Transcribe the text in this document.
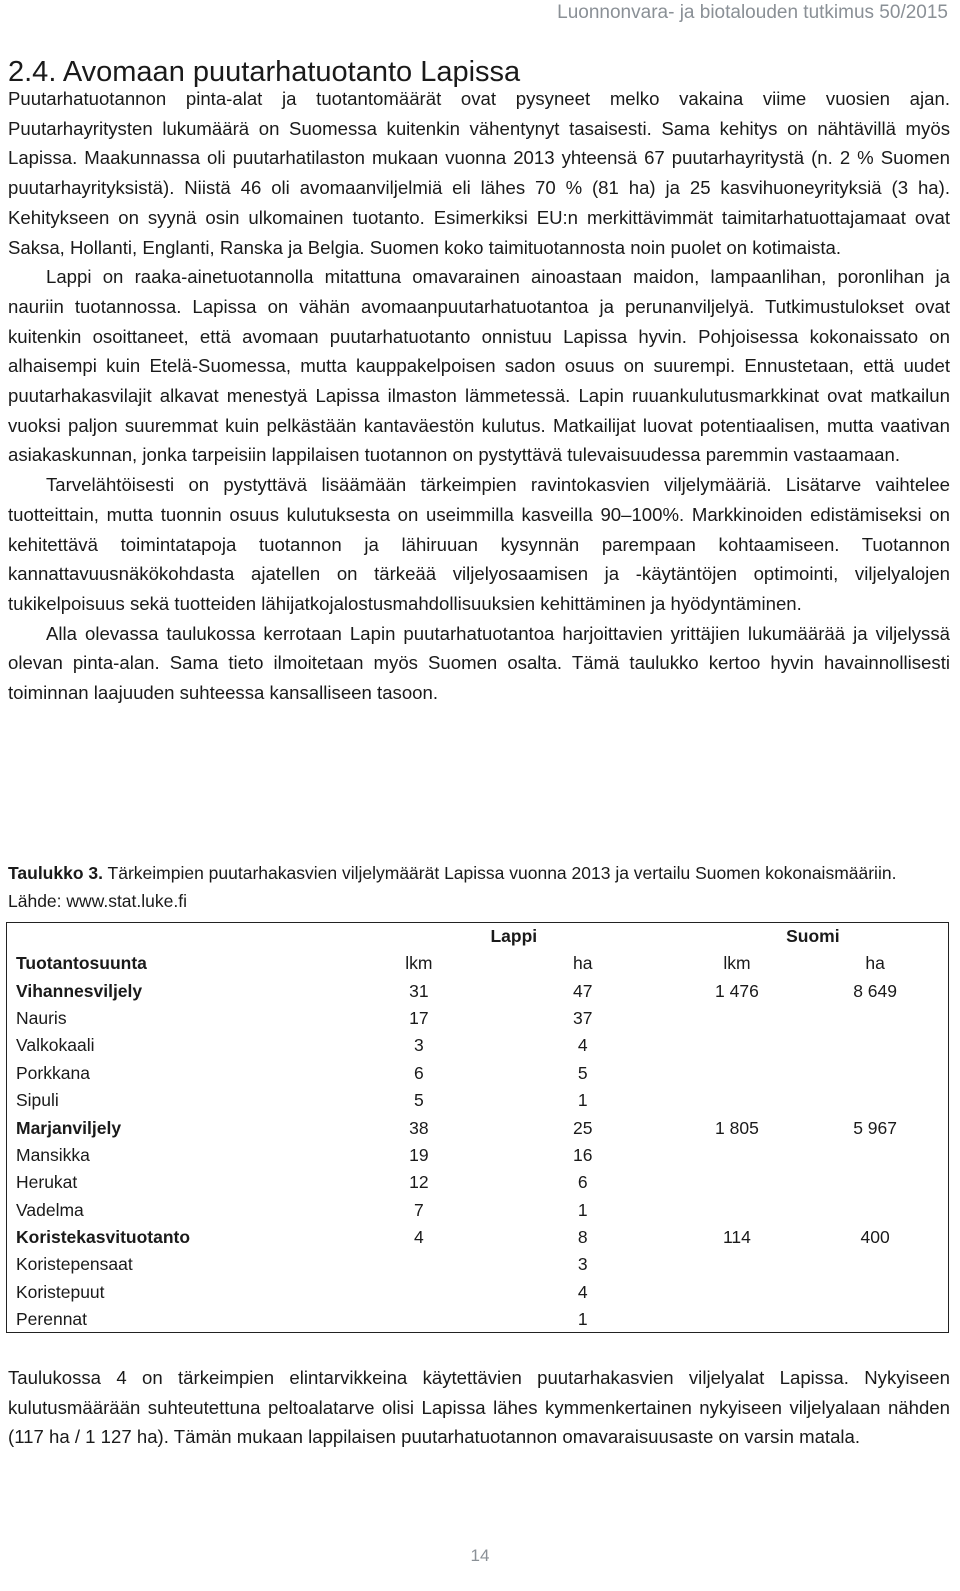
Luonnonvara- ja biotalouden tutkimus 50/2015
2.4. Avomaan puutarhatuotanto Lapissa

Puutarhatuotannon pinta-alat ja tuotantomäärät ovat pysyneet melko vakaina viime vuosien ajan. Puutarhayritysten lukumäärä on Suomessa kuitenkin vähentynyt tasaisesti. Sama kehitys on nähtävillä myös Lapissa. Maakunnassa oli puutarhatilaston mukaan vuonna 2013 yhteensä 67 puutarhayritystä (n. 2 % Suomen puutarhayrityksistä). Niistä 46 oli avomaanviljelmiä eli lähes 70 % (81 ha) ja 25 kasvihuoneyrityksiä (3 ha). Kehitykseen on syynä osin ulkomainen tuotanto. Esimerkiksi EU:n merkittävimmät taimitarhatuottajamaat ovat Saksa, Hollanti, Englanti, Ranska ja Belgia. Suomen koko taimituotannosta noin puolet on kotimaista.

Lappi on raaka-ainetuotannolla mitattuna omavarainen ainoastaan maidon, lampaanlihan, poronlihan ja nauriin tuotannossa. Lapissa on vähän avomaanpuutarhatuotantoa ja perunanviljelyä. Tutkimustulokset ovat kuitenkin osoittaneet, että avomaan puutarhatuotanto onnistuu Lapissa hyvin. Pohjoisessa kokonaissato on alhaisempi kuin Etelä-Suomessa, mutta kauppakelpoisen sadon osuus on suurempi. Ennustetaan, että uudet puutarhakasvilajit alkavat menestyä Lapissa ilmaston lämmetessä. Lapin ruuankulutusmarkkinat ovat matkailun vuoksi paljon suuremmat kuin pelkästään kantaväestön kulutus. Matkailijat luovat potentiaalisen, mutta vaativan asiakaskunnan, jonka tarpeisiin lappilaisen tuotannon on pystyttävä tulevaisuudessa paremmin vastaamaan.

Tarvelähtöisesti on pystyttävä lisäämään tärkeimpien ravintokasvien viljelymääriä. Lisätarve vaihtelee tuotteittain, mutta tuonnin osuus kulutuksesta on useimmilla kasveilla 90–100%. Markkinoiden edistämiseksi on kehitettävä toimintatapoja tuotannon ja lähiruuan kysynnän parempaan kohtaamiseen. Tuotannon kannattavuusnäkökohdasta ajatellen on tärkeää viljelyosaamisen ja -käytäntöjen optimointi, viljelyalojen tukikelpoisuus sekä tuotteiden lähijatkojalostusmahdollisuuksien kehittäminen ja hyödyntäminen.

Alla olevassa taulukossa kerrotaan Lapin puutarhatuotantoa harjoittavien yrittäjien lukumäärää ja viljelyssä olevan pinta-alan. Sama tieto ilmoitetaan myös Suomen osalta. Tämä taulukko kertoo hyvin havainnollisesti toiminnan laajuuden suhteessa kansalliseen tasoon.

Taulukko 3. Tärkeimpien puutarhakasvien viljelymäärät Lapissa vuonna 2013 ja vertailu Suomen kokonaismääriin. Lähde: www.stat.luke.fi
	Lappi		Suomi	
Tuotantosuunta	lkm	ha	lkm	ha
Vihannesviljely	31	47	1 476	8 649
Nauris	17	37		
Valkokaali	3	4		
Porkkana	6	5		
Sipuli	5	1		
Marjanviljely	38	25	1 805	5 967
Mansikka	19	16		
Herukat	12	6		
Vadelma	7	1		
Koristekasvituotanto	4	8	114	400
Koristepensaat		3		
Koristepuut		4		
Perennat		1		
Taulukossa 4 on tärkeimpien elintarvikkeina käytettävien puutarhakasvien viljelyalat Lapissa. Nykyiseen kulutusmäärään suhteutettuna peltoalatarve olisi Lapissa lähes kymmenkertainen nykyiseen viljelyalaan nähden (117 ha / 1 127 ha). Tämän mukaan lappilaisen puutarhatuotannon omavaraisuusaste on varsin matala.
14
